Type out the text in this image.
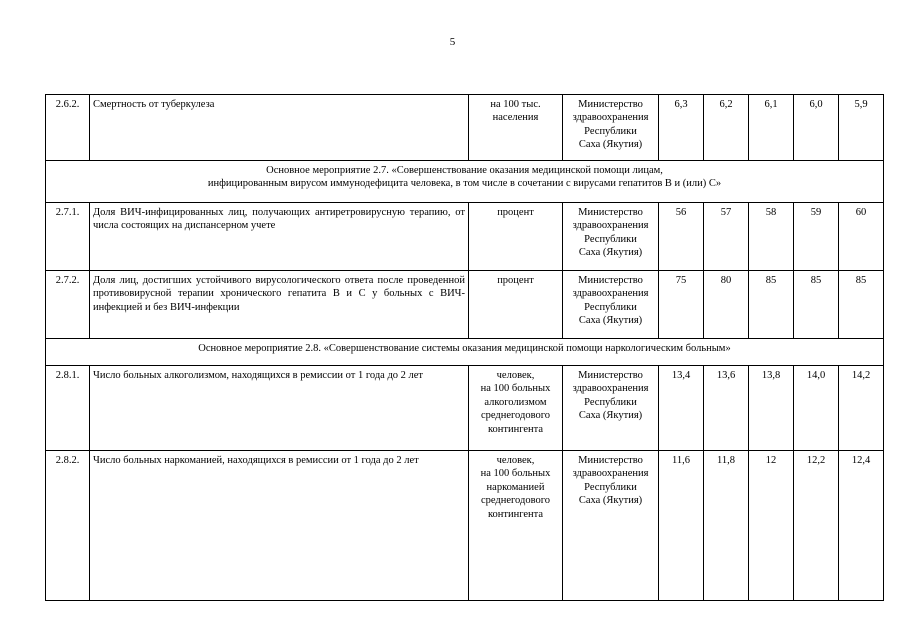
5
2.6.2.	Смертность от туберкулеза	на 100 тыс.
населения	Министерство
здравоохранения
Республики
Саха (Якутия)	6,3	6,2	6,1	6,0	5,9

Основное мероприятие 2.7. «Совершенствование оказания медицинской помощи лицам,
инфицированным вирусом иммунодефицита человека, в том числе в сочетании с вирусами гепатитов В и (или) С»								

2.7.1.	Доля ВИЧ-инфицированных лиц, получающих антиретровирусную терапию, от числа состоящих на диспансерном учете	процент	Министерство
здравоохранения
Республики
Саха (Якутия)	56	57	58	59	60
2.7.2.	Доля лиц, достигших устойчивого вирусологического ответа после проведенной противовирусной терапии хронического гепатита В и С у больных с ВИЧ-инфекцией и без ВИЧ-инфекции	процент	Министерство
здравоохранения
Республики
Саха (Якутия)	75	80	85	85	85

Основное мероприятие 2.8. «Совершенствование системы оказания медицинской помощи наркологическим больным»								

2.8.1.	Число больных алкоголизмом, находящихся в ремиссии от 1 года до 2 лет	человек,
на 100 больных
алкоголизмом
среднегодового
контингента	Министерство
здравоохранения
Республики
Саха (Якутия)	13,4	13,6	13,8	14,0	14,2
2.8.2.	Число больных наркоманией, находящихся в ремиссии от 1 года до 2 лет	человек,
на 100 больных
наркоманией
среднегодового
контингента	Министерство
здравоохранения
Республики
Саха (Якутия)	11,6	11,8	12	12,2	12,4
